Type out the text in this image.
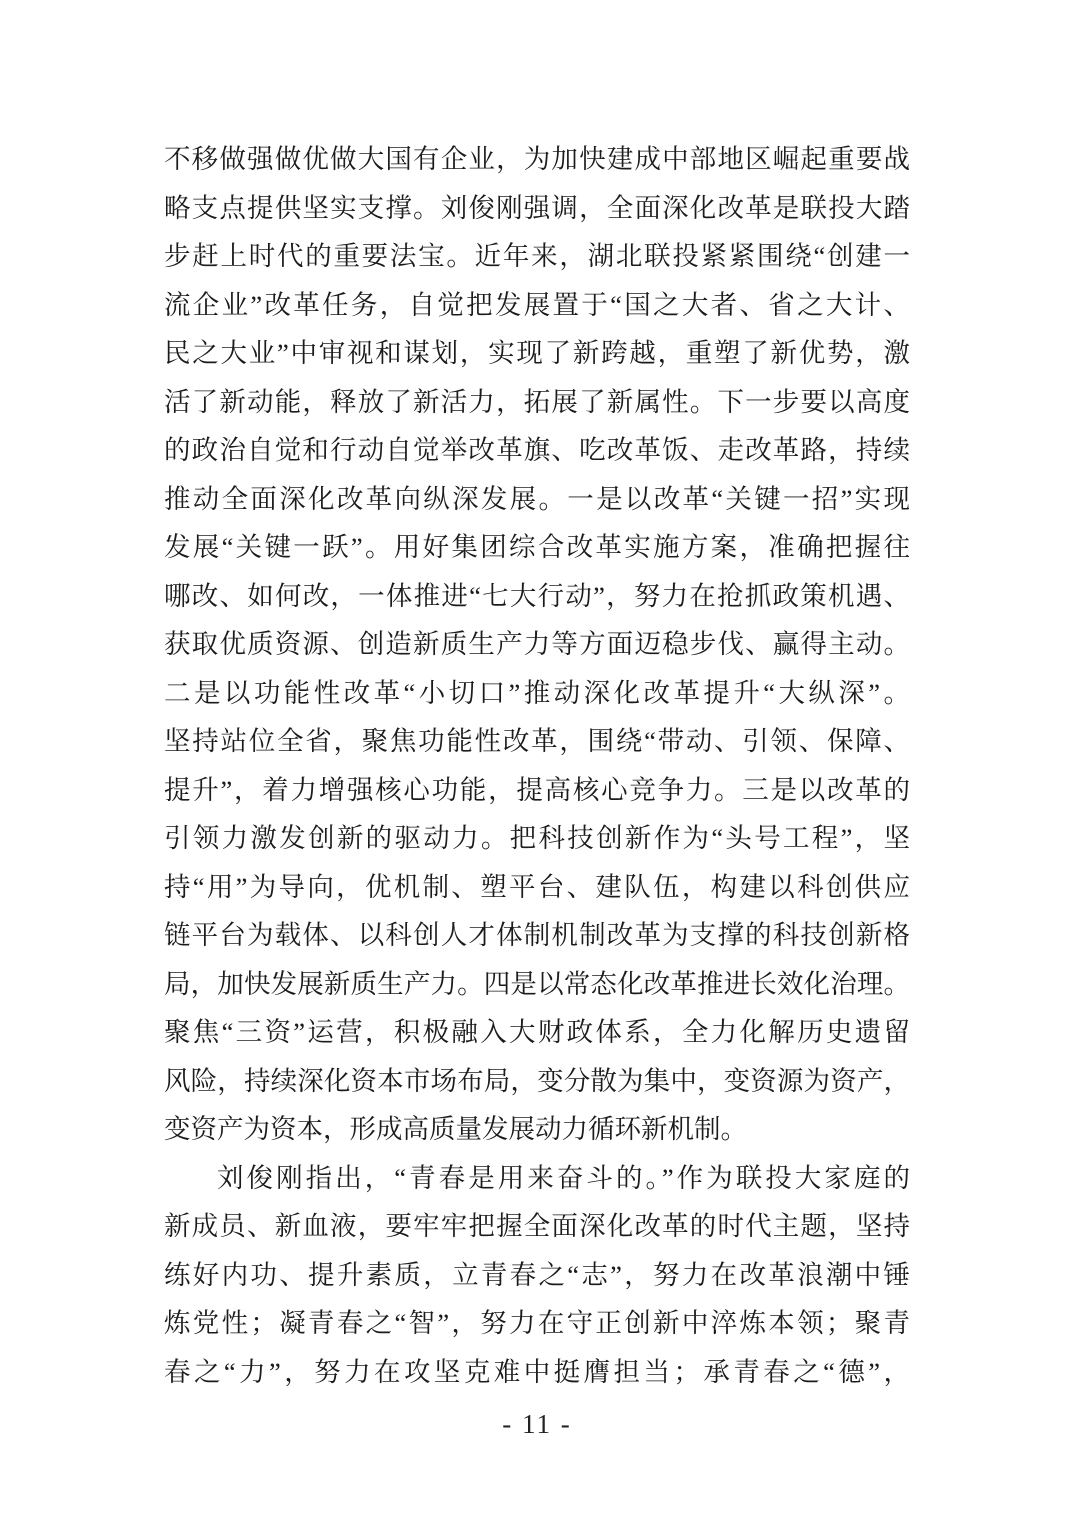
不移做强做优做大国有企业，为加快建成中部地区崛起重要战
略支点提供坚实支撑。刘俊刚强调，全面深化改革是联投大踏
步赶上时代的重要法宝。近年来，湖北联投紧紧围绕“创建一
流企业”改革任务，自觉把发展置于“国之大者、省之大计、
民之大业”中审视和谋划，实现了新跨越，重塑了新优势，激
活了新动能，释放了新活力，拓展了新属性。下一步要以高度
的政治自觉和行动自觉举改革旗、吃改革饭、走改革路，持续
推动全面深化改革向纵深发展。一是以改革“关键一招”实现
发展“关键一跃”。用好集团综合改革实施方案，准确把握往
哪改、如何改，一体推进“七大行动”，努力在抢抓政策机遇、
获取优质资源、创造新质生产力等方面迈稳步伐、赢得主动。
二是以功能性改革“小切口”推动深化改革提升“大纵深”。
坚持站位全省，聚焦功能性改革，围绕“带动、引领、保障、
提升”，着力增强核心功能，提高核心竞争力。三是以改革的
引领力激发创新的驱动力。把科技创新作为“头号工程”，坚
持“用”为导向，优机制、塑平台、建队伍，构建以科创供应
链平台为载体、以科创人才体制机制改革为支撑的科技创新格
局，加快发展新质生产力。四是以常态化改革推进长效化治理。
聚焦“三资”运营，积极融入大财政体系，全力化解历史遗留
风险，持续深化资本市场布局，变分散为集中，变资源为资产，
变资产为资本，形成高质量发展动力循环新机制。
刘俊刚指出，“青春是用来奋斗的。”作为联投大家庭的
新成员、新血液，要牢牢把握全面深化改革的时代主题，坚持
练好内功、提升素质，立青春之“志”，努力在改革浪潮中锤
炼党性；凝青春之“智”，努力在守正创新中淬炼本领；聚青
春之“力”，努力在攻坚克难中挺膺担当；承青春之“德”，
- 11 -
